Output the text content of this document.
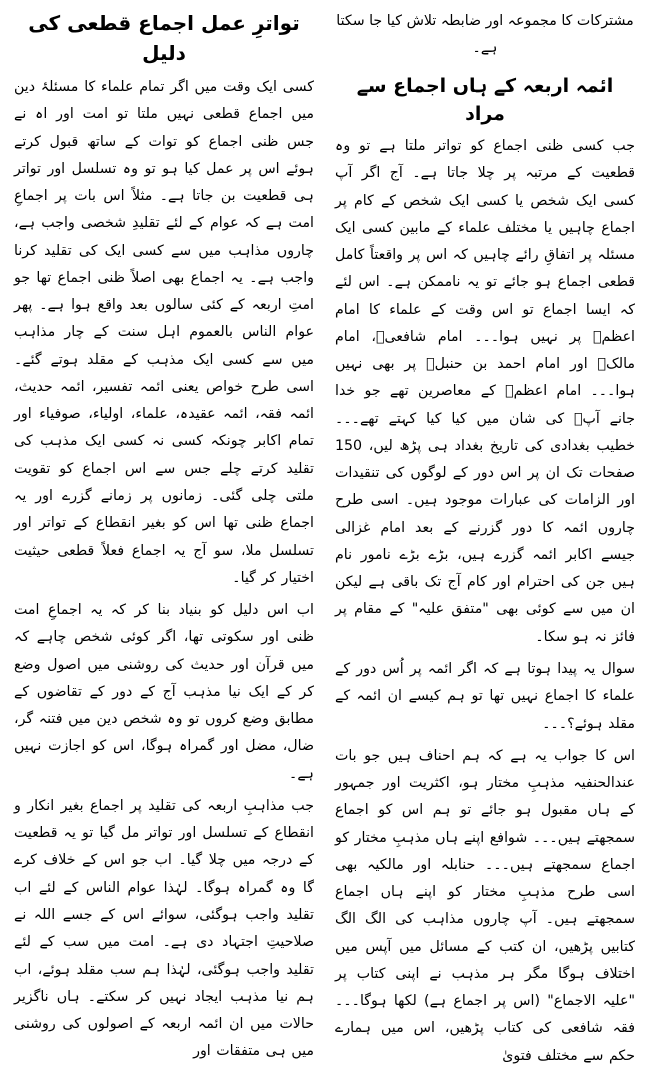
تواترِ عمل اجماع قطعی کی دلیل

کسی ایک وقت میں اگر تمام علماء کا مسئلۂ دین میں اجماع قطعی نہیں ملتا تو امت اور اہ نے جس ظنی اجماع کو توات کے ساتھ قبول کرتے ہوئے اس پر عمل کیا ہو تو وہ تسلسل اور تواتر ہی قطعیت بن جاتا ہے۔ مثلاً اس بات پر اجماعِ امت ہے کہ عوام کے لئے تقلیدِ شخصی واجب ہے، چاروں مذاہب میں سے کسی ایک کی تقلید کرنا واجب ہے۔ یہ اجماع بھی اصلاً ظنی اجماع تھا جو امتِ اربعہ کے کئی سالوں بعد واقع ہوا ہے۔ پھر عوام الناس بالعموم اہل سنت کے چار مذاہب میں سے کسی ایک مذہب کے مقلد ہوتے گئے۔ اسی طرح خواص یعنی ائمہ تفسیر، ائمہ حدیث، ائمہ فقہ، ائمہ عقیدہ، علماء، اولیاء، صوفیاء اور تمام اکابر چونکہ کسی نہ کسی ایک مذہب کی تقلید کرتے چلے جس سے اس اجماع کو تقویت ملتی چلی گئی۔ زمانوں پر زمانے گزرے اور یہ اجماع ظنی تھا اس کو بغیر انقطاع کے تواتر اور تسلسل ملا، سو آج یہ اجماع فعلاً قطعی حیثیت اختیار کر گیا۔

اب اس دلیل کو بنیاد بنا کر کہ یہ اجماعِ امت ظنی اور سکوتی تھا، اگر کوئی شخص چاہے کہ میں قرآن اور حدیث کی روشنی میں اصول وضع کر کے ایک نیا مذہب آج کے دور کے تقاضوں کے مطابق وضع کروں تو وہ شخص دین میں فتنہ گر، ضال، مضل اور گمراہ ہوگا، اس کو اجازت نہیں ہے۔

جب مذاہبِ اربعہ کی تقلید پر اجماع بغیر انکار و انقطاع کے تسلسل اور تواتر مل گیا تو یہ قطعیت کے درجہ میں چلا گیا۔ اب جو اس کے خلاف کرے گا وہ گمراہ ہوگا۔ لہٰذا عوام الناس کے لئے اب تقلید واجب ہوگئی، سوائے اس کے جسے اللہ نے صلاحیتِ اجتہاد دی ہے۔ امت میں سب کے لئے تقلید واجب ہوگئی، لہٰذا ہم سب مقلد ہوئے، اب ہم نیا مذہب ایجاد نہیں کر سکتے۔ ہاں ناگزیر حالات میں ان ائمہ اربعہ کے اصولوں کی روشنی میں ہی متفقات اور

مشترکات کا مجموعہ اور ضابطہ تلاش کیا جا سکتا ہے۔

ائمہ اربعہ کے ہاں اجماع سے مراد

جب کسی ظنی اجماع کو تواتر ملتا ہے تو وہ قطعیت کے مرتبہ پر چلا جاتا ہے۔ آج اگر آپ کسی ایک شخص یا کسی ایک شخص کے کام پر اجماع چاہیں یا مختلف علماء کے مابین کسی ایک مسئلہ پر اتفاقِ رائے چاہیں کہ اس پر واقعتاً کامل قطعی اجماع ہو جائے تو یہ ناممکن ہے۔ اس لئے کہ ایسا اجماع تو اس وقت کے علماء کا امام اعظمؒ پر نہیں ہوا۔۔۔ امام شافعیؒ، امام مالکؒ اور امام احمد بن حنبلؒ پر بھی نہیں ہوا۔۔۔ امام اعظمؒ کے معاصرین تھے جو خدا جانے آپؒ کی شان میں کیا کیا کہتے تھے۔۔۔ خطیب بغدادی کی تاریخ بغداد ہی پڑھ لیں، 150 صفحات تک ان پر اس دور کے لوگوں کی تنقیدات اور الزامات کی عبارات موجود ہیں۔ اسی طرح چاروں ائمہ کا دور گزرنے کے بعد امام غزالی جیسے اکابر ائمہ گزرے ہیں، بڑے بڑے نامور نام ہیں جن کی احترام اور کام آج تک باقی ہے لیکن ان میں سے کوئی بھی "متفق علیہ" کے مقام پر فائز نہ ہو سکا۔

سوال یہ پیدا ہوتا ہے کہ اگر ائمہ پر اُس دور کے علماء کا اجماع نہیں تھا تو ہم کیسے ان ائمہ کے مقلد ہوئے؟۔۔۔

اس کا جواب یہ ہے کہ ہم احناف ہیں جو بات عندالحنفیہ مذہبِ مختار ہو، اکثریت اور جمہور کے ہاں مقبول ہو جائے تو ہم اس کو اجماع سمجھتے ہیں۔۔۔ شوافع اپنے ہاں مذہبِ مختار کو اجماع سمجھتے ہیں۔۔۔ حنابلہ اور مالکیہ بھی اسی طرح مذہبِ مختار کو اپنے ہاں اجماع سمجھتے ہیں۔ آپ چاروں مذاہب کی الگ الگ کتابیں پڑھیں، ان کتب کے مسائل میں آپس میں اختلاف ہوگا مگر ہر مذہب نے اپنی کتاب پر "علیہ الاجماع" (اس پر اجماع ہے) لکھا ہوگا۔۔۔ فقہ شافعی کی کتاب پڑھیں، اس میں ہمارے حکم سے مختلف فتویٰ
